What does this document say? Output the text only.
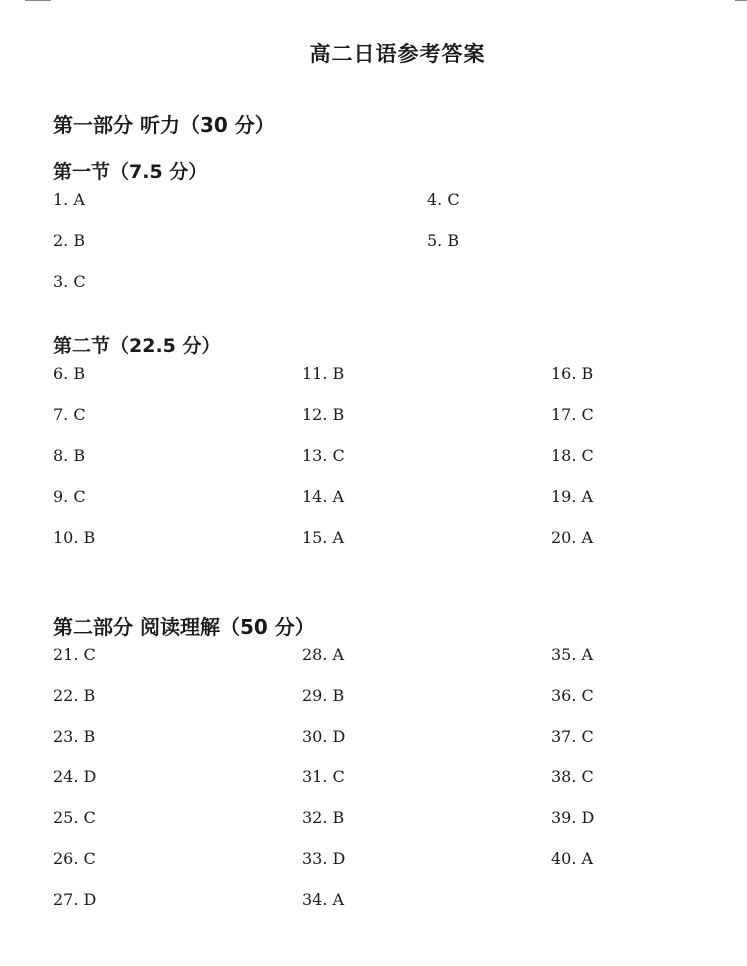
高二日语参考答案
第一部分 听力（30 分）
第一节（7.5 分）
1. A
2. B
3. C
4. C
5. B
第二节（22.5 分）
6. B
7. C
8. B
9. C
10. B
11. B
12. B
13. C
14. A
15. A
16. B
17. C
18. C
19. A
20. A
第二部分 阅读理解（50 分）
21. C
22. B
23. B
24. D
25. C
26. C
27. D
28. A
29. B
30. D
31. C
32. B
33. D
34. A
35. A
36. C
37. C
38. C
39. D
40. A
